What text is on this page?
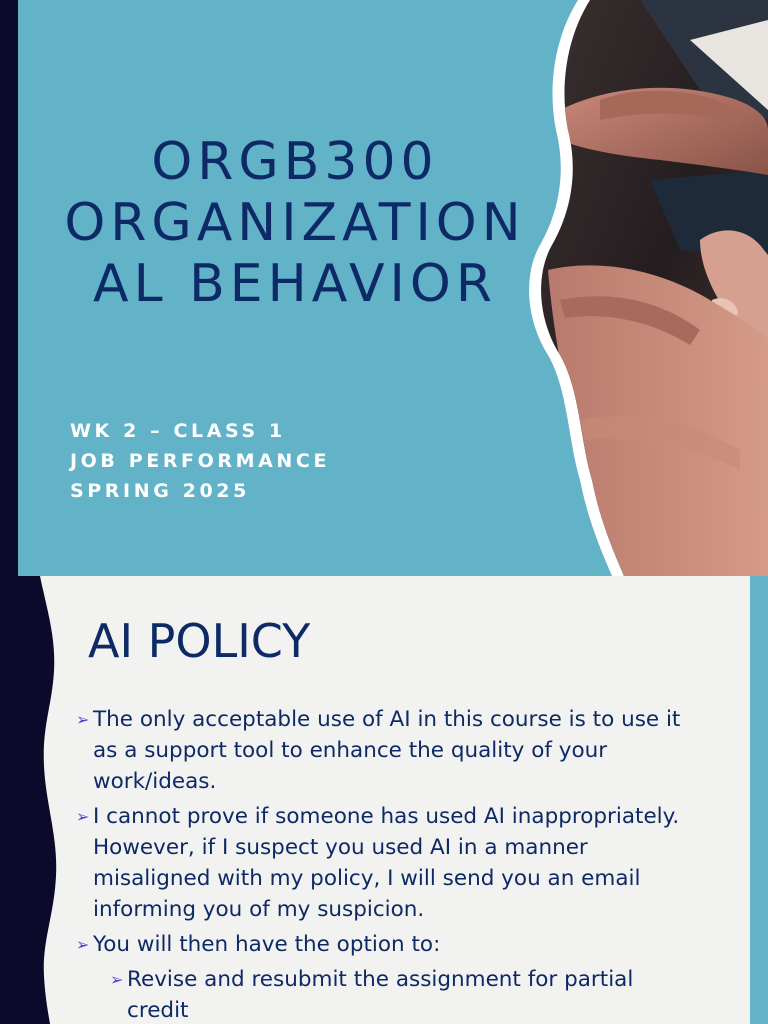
ORGB300
ORGANIZATION
AL BEHAVIOR
WK 2 – CLASS 1
JOB PERFORMANCE
SPRING 2025
AI POLICY
➢ The only acceptable use of AI in this course is to use it as a support tool to enhance the quality of your work/ideas.
➢ I cannot prove if someone has used AI inappropriately. However, if I suspect you used AI in a manner misaligned with my policy, I will send you an email informing you of my suspicion.
➢ You will then have the option to:
➢ Revise and resubmit the assignment for partial credit
